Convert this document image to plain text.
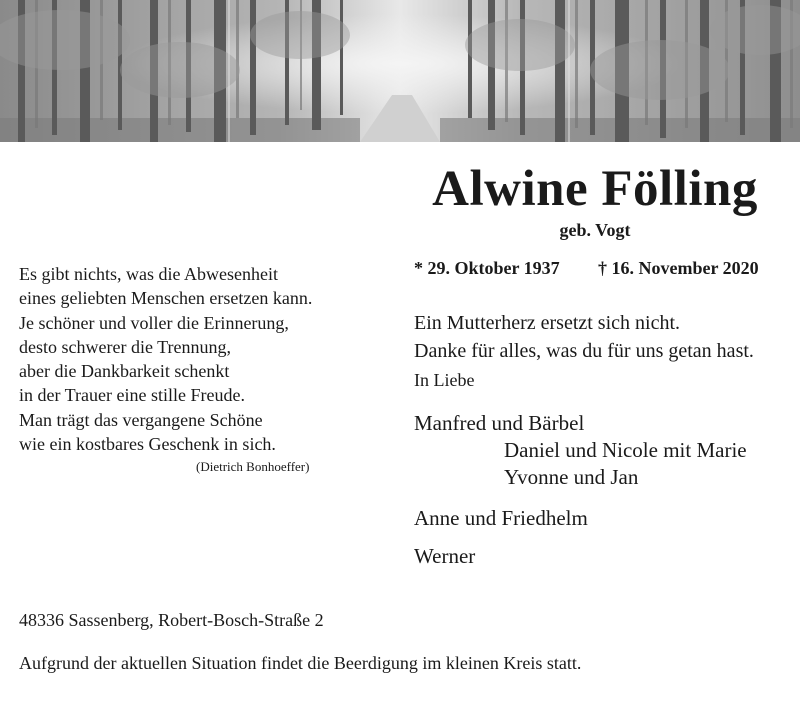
Alwine Fölling
geb. Vogt
* 29. Oktober 1937 † 16. November 2020
Es gibt nichts, was die Abwesenheit
eines geliebten Menschen ersetzen kann.
Je schöner und voller die Erinnerung,
desto schwerer die Trennung,
aber die Dankbarkeit schenkt
in der Trauer eine stille Freude.
Man trägt das vergangene Schöne
wie ein kostbares Geschenk in sich.
(Dietrich Bonhoeffer)
Ein Mutterherz ersetzt sich nicht.
Danke für alles, was du für uns getan hast.
In Liebe
Manfred und Bärbel
Daniel und Nicole mit Marie
Yvonne und Jan
Anne und Friedhelm
Werner
48336 Sassenberg, Robert-Bosch-Straße 2
Aufgrund der aktuellen Situation findet die Beerdigung im kleinen Kreis statt.
